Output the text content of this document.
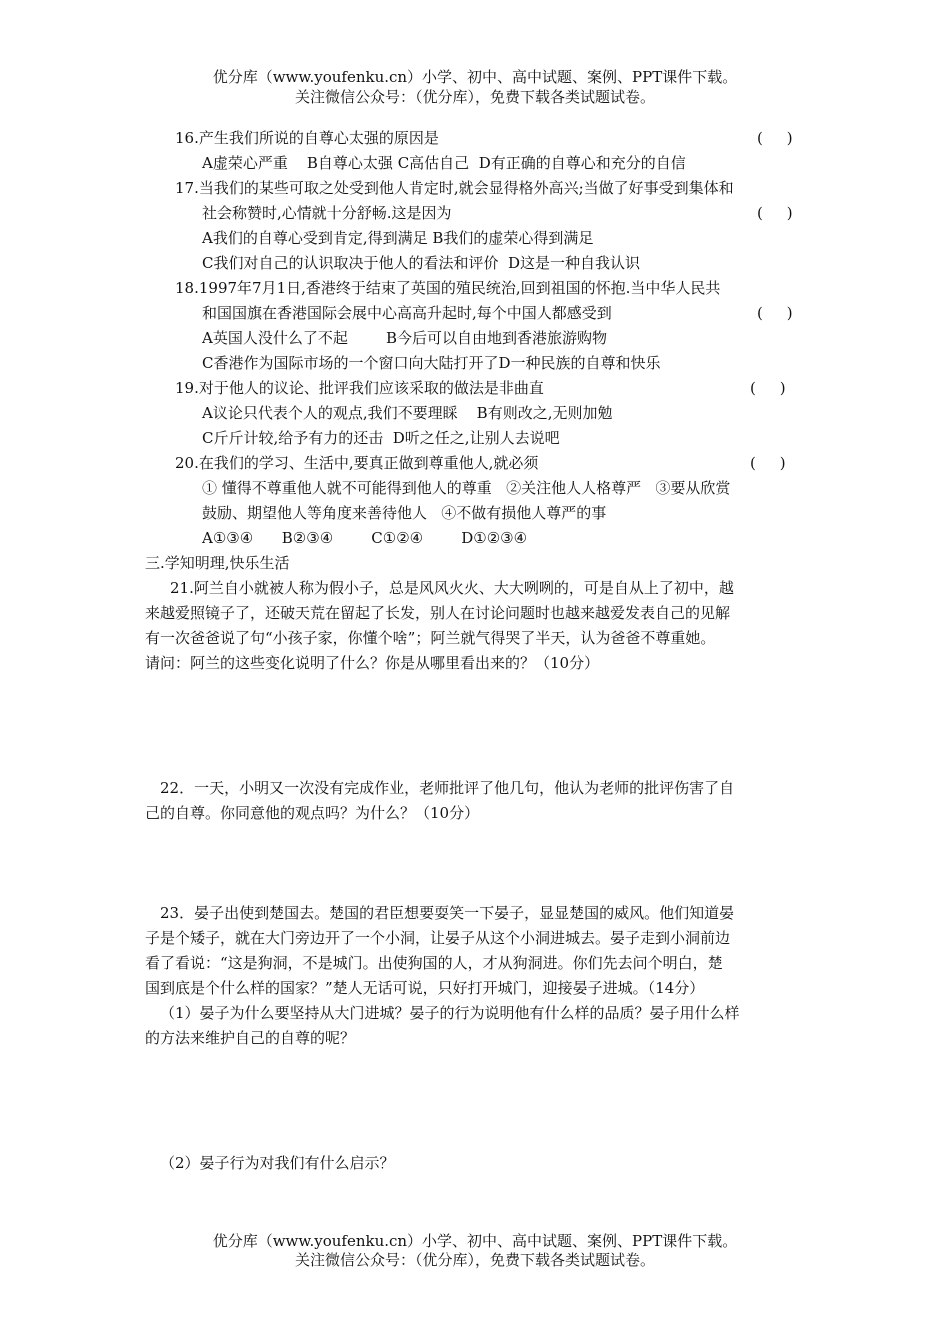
优分库（www.youfenku.cn）小学、初中、高中试题、案例、PPT课件下载。
关注微信公众号：（优分库），免费下载各类试题试卷。
16.产生我们所说的自尊心太强的原因是	(     )
A虚荣心严重    B自尊心太强 C高估自己  D有正确的自尊心和充分的自信
17.当我们的某些可取之处受到他人肯定时,就会显得格外高兴;当做了好事受到集体和
社会称赞时,心情就十分舒畅.这是因为	(     )
A我们的自尊心受到肯定,得到满足 B我们的虚荣心得到满足
C我们对自己的认识取决于他人的看法和评价  D这是一种自我认识
18.1997年7月1日,香港终于结束了英国的殖民统治,回到祖国的怀抱.当中华人民共
和国国旗在香港国际会展中心高高升起时,每个中国人都感受到	(     )
A英国人没什么了不起        B今后可以自由地到香港旅游购物
C香港作为国际市场的一个窗口向大陆打开了D一种民族的自尊和快乐
19.对于他人的议论、批评我们应该采取的做法是非曲直	(     )
A议论只代表个人的观点,我们不要理睬    B有则改之,无则加勉
C斤斤计较,给予有力的还击  D听之任之,让别人去说吧
20.在我们的学习、生活中,要真正做到尊重他人,就必须	(     )
① 懂得不尊重他人就不可能得到他人的尊重   ②关注他人人格尊严   ③要从欣赏
鼓励、期望他人等角度来善待他人   ④不做有损他人尊严的事
A①③④      B②③④        C①②④        D①②③④
三.学知明理,快乐生活
21.阿兰自小就被人称为假小子，总是风风火火、大大咧咧的，可是自从上了初中，越
来越爱照镜子了，还破天荒在留起了长发，别人在讨论问题时也越来越爱发表自己的见解
有一次爸爸说了句“小孩子家，你懂个啥”；阿兰就气得哭了半天，认为爸爸不尊重她。
请问：阿兰的这些变化说明了什么？你是从哪里看出来的？（10分）
22．一天，小明又一次没有完成作业，老师批评了他几句，他认为老师的批评伤害了自
己的自尊。你同意他的观点吗？为什么？（10分）
23．晏子出使到楚国去。楚国的君臣想要耍笑一下晏子，显显楚国的威风。他们知道晏
子是个矮子，就在大门旁边开了一个小洞，让晏子从这个小洞进城去。晏子走到小洞前边
看了看说：“这是狗洞，不是城门。出使狗国的人，才从狗洞进。你们先去问个明白，楚
国到底是个什么样的国家？”楚人无话可说，只好打开城门，迎接晏子进城。（14分）
（1）晏子为什么要坚持从大门进城？晏子的行为说明他有什么样的品质？晏子用什么样
的方法来维护自己的自尊的呢？
（2）晏子行为对我们有什么启示？
优分库（www.youfenku.cn）小学、初中、高中试题、案例、PPT课件下载。
关注微信公众号：（优分库），免费下载各类试题试卷。
